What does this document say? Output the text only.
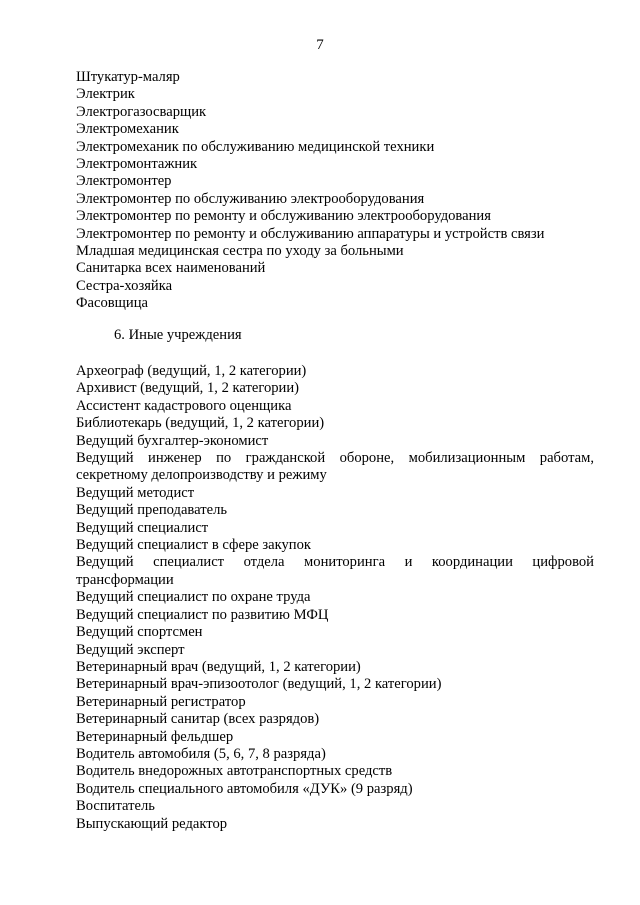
7
Штукатур-маляр
Электрик
Электрогазосварщик
Электромеханик
Электромеханик по обслуживанию медицинской техники
Электромонтажник
Электромонтер
Электромонтер по обслуживанию электрооборудования
Электромонтер по ремонту и обслуживанию электрооборудования
Электромонтер по ремонту и обслуживанию аппаратуры и устройств связи
Младшая медицинская сестра по уходу за больными
Санитарка всех наименований
Сестра-хозяйка
Фасовщица
6. Иные учреждения
Археограф (ведущий, 1, 2 категории)
Архивист (ведущий, 1, 2 категории)
Ассистент кадастрового оценщика
Библиотекарь (ведущий, 1, 2 категории)
Ведущий бухгалтер-экономист
Ведущий инженер по гражданской обороне, мобилизационным работам, секретному делопроизводству и режиму
Ведущий методист
Ведущий преподаватель
Ведущий специалист
Ведущий специалист в сфере закупок
Ведущий специалист отдела мониторинга и координации цифровой трансформации
Ведущий специалист по охране труда
Ведущий специалист по развитию МФЦ
Ведущий спортсмен
Ведущий эксперт
Ветеринарный врач (ведущий, 1, 2 категории)
Ветеринарный врач-эпизоотолог (ведущий, 1, 2 категории)
Ветеринарный регистратор
Ветеринарный санитар (всех разрядов)
Ветеринарный фельдшер
Водитель автомобиля (5, 6, 7, 8 разряда)
Водитель внедорожных автотранспортных средств
Водитель специального автомобиля «ДУК» (9 разряд)
Воспитатель
Выпускающий редактор
